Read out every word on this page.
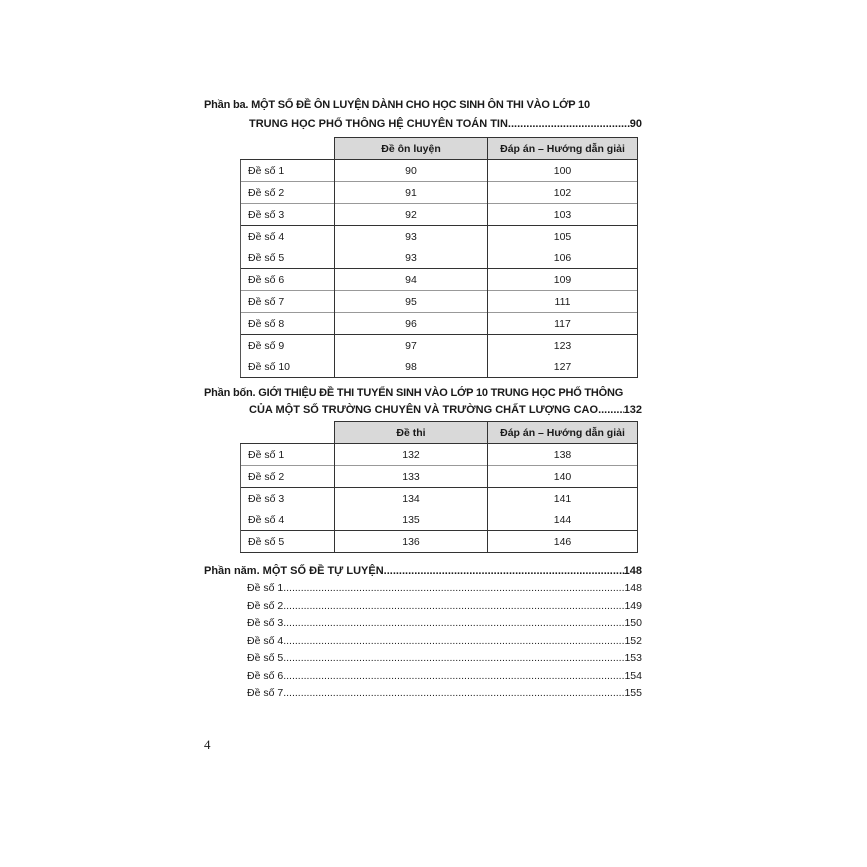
Phần ba. MỘT SỐ ĐỀ ÔN LUYỆN DÀNH CHO HỌC SINH ÔN THI VÀO LỚP 10
TRUNG HỌC PHỔ THÔNG HỆ CHUYÊN TOÁN TIN .....	90
	Đề ôn luyện	Đáp án – Hướng dẫn giải
Đề số 1	90	100
Đề số 2	91	102
Đề số 3	92	103
Đề số 4	93	105
Đề số 5	93	106
Đề số 6	94	109
Đề số 7	95	111
Đề số 8	96	117
Đề số 9	97	123
Đề số 10	98	127
Phần bốn. GIỚI THIỆU ĐỀ THI TUYỂN SINH VÀO LỚP 10 TRUNG HỌC PHỔ THÔNG
CỦA MỘT SỐ TRƯỜNG CHUYÊN VÀ TRƯỜNG CHẤT LƯỢNG CAO ..... 132
	Đề thi	Đáp án – Hướng dẫn giải
Đề số 1	132	138
Đề số 2	133	140
Đề số 3	134	141
Đề số 4	135	144
Đề số 5	136	146
Phần năm. MỘT SỐ ĐỀ TỰ LUYỆN .....	148
Đề số 1 .....	148
Đề số 2 .....	149
Đề số 3 .....	150
Đề số 4 .....	152
Đề số 5 .....	153
Đề số 6 .....	154
Đề số 7 .....	155
4
